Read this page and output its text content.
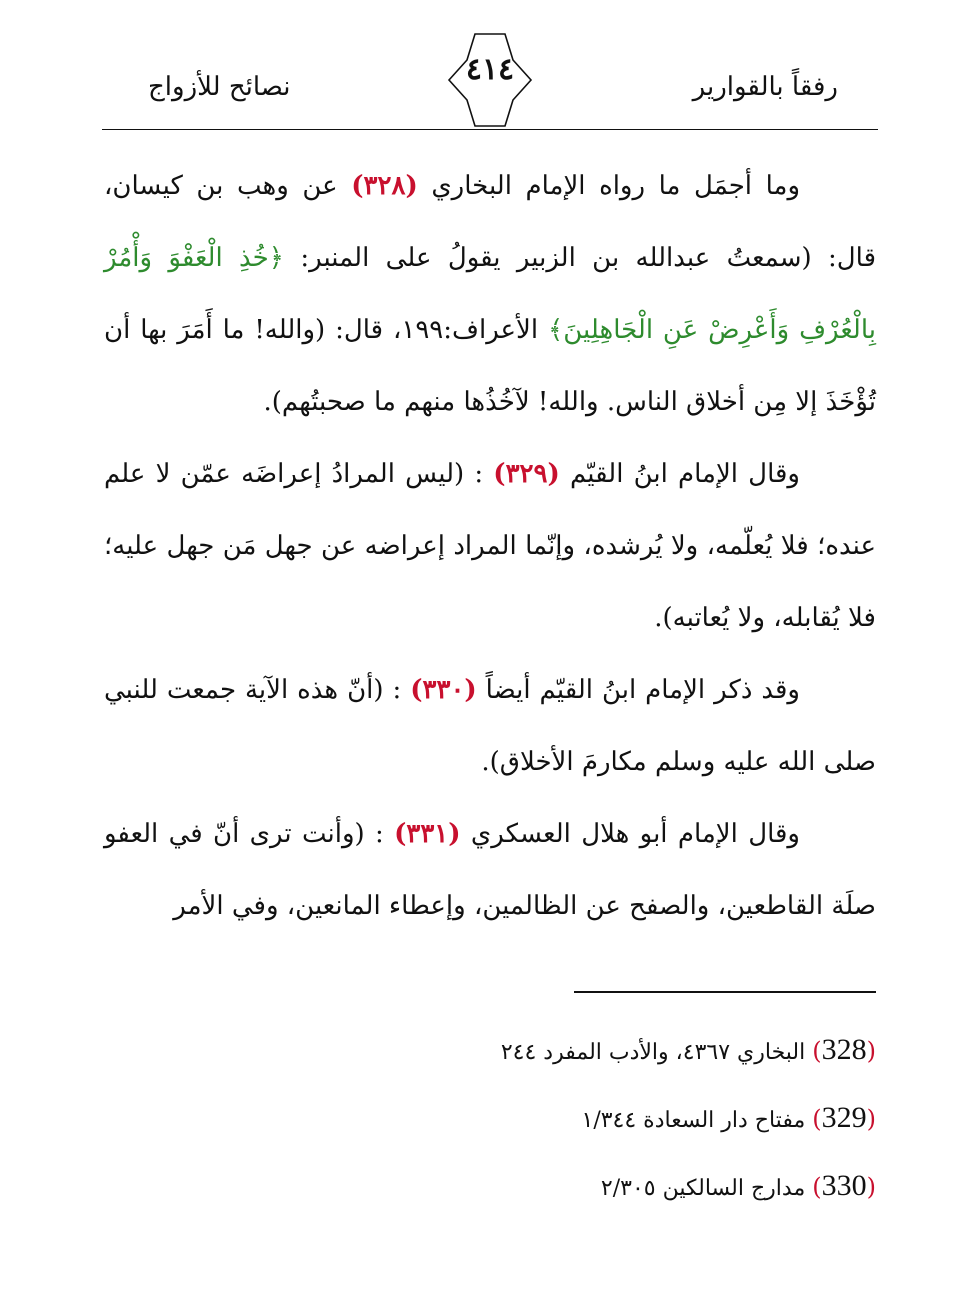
رفقاً بالقوارير
٤١٤
نصائح للأزواج

وما أجمَل ما رواه الإمام البخاري (٣٢٨) عن وهب بن كيسان، قال: (سمعتُ عبدالله بن الزبير يقولُ على المنبر: ﴿خُذِ الْعَفْوَ وَأْمُرْ بِالْعُرْفِ وَأَعْرِضْ عَنِ الْجَاهِلِينَ﴾ الأعراف:١٩٩، قال: (والله! ما أَمَرَ بها أن تُؤْخَذَ إلا مِن أخلاق الناس. والله! لآخُذُها منهم ما صحبتُهم).

وقال الإمام ابنُ القيّم (٣٢٩) : (ليس المرادُ إعراضَه عمّن لا علم عنده؛ فلا يُعلّمه، ولا يُرشده، وإنّما المراد إعراضه عن جهل مَن جهل عليه؛ فلا يُقابله، ولا يُعاتبه).

وقد ذكر الإمام ابنُ القيّم أيضاً (٣٣٠) : (أنّ هذه الآية جمعت للنبي صلى الله عليه وسلم مكارمَ الأخلاق).

وقال الإمام أبو هلال العسكري (٣٣١) : (وأنت ترى أنّ في العفو صلَة القاطعين، والصفح عن الظالمين، وإعطاء المانعين، وفي الأمر

(328) البخاري ٤٣٦٧، والأدب المفرد ٢٤٤
(329) مفتاح دار السعادة ١/٣٤٤
(330) مدارج السالكين ٢/٣٠٥
